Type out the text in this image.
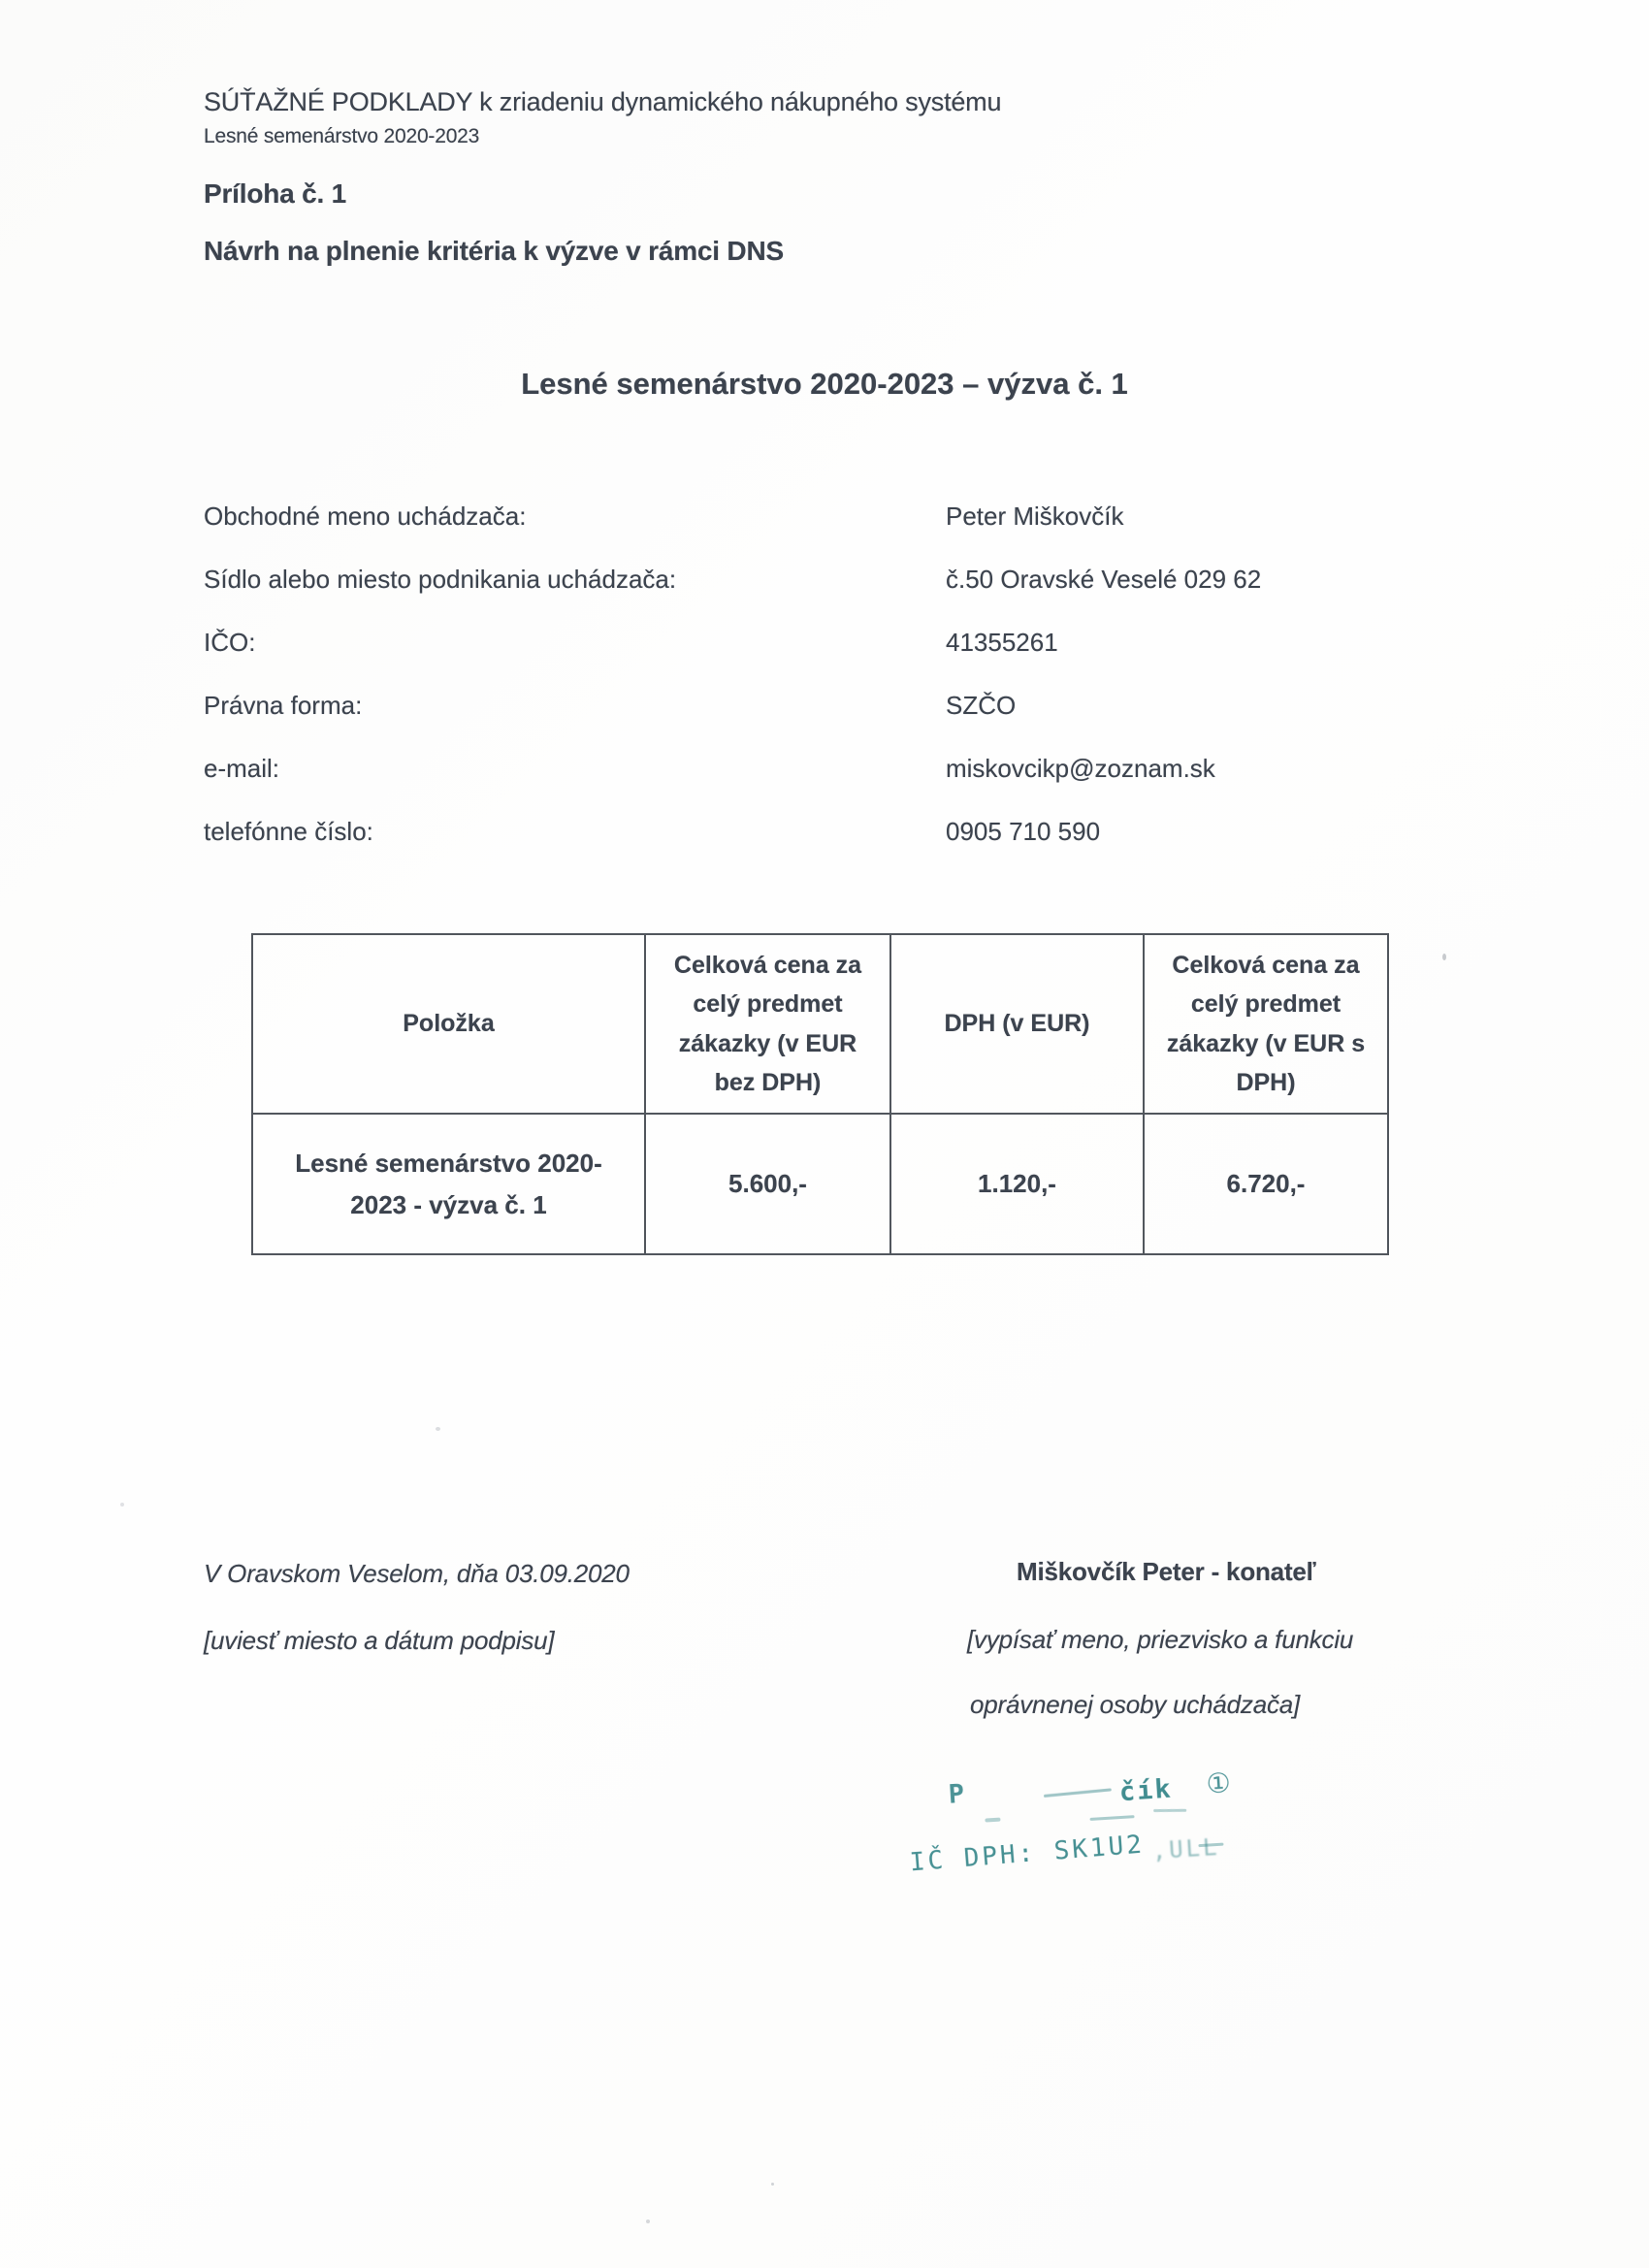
SÚŤAŽNÉ PODKLADY k zriadeniu dynamického nákupného systému
Lesné semenárstvo 2020-2023
Príloha č. 1
Návrh na plnenie kritéria k výzve v rámci DNS
Lesné semenárstvo 2020-2023 – výzva č. 1
Obchodné meno uchádzača:	Peter Miškovčík
Sídlo alebo miesto podnikania uchádzača:	č.50 Oravské Veselé 029 62
IČO:	41355261
Právna forma:	SZČO
e-mail:	miskovcikp@zoznam.sk
telefónne číslo:	0905 710 590
Položka	Celková cena za celý predmet zákazky (v EUR bez DPH)	DPH (v EUR)	Celková cena za celý predmet zákazky (v EUR s DPH)
Lesné semenárstvo 2020-2023 - výzva č. 1	5.600,-	1.120,-	6.720,-
V Oravskom Veselom, dňa 03.09.2020
[uviesť miesto a dátum podpisu]
Miškovčík Peter - konateľ
[vypísať meno, priezvisko a funkciu
oprávnenej osoby uchádzača]
P	čík ①
IČ DPH: SK1U2 ,ULL
